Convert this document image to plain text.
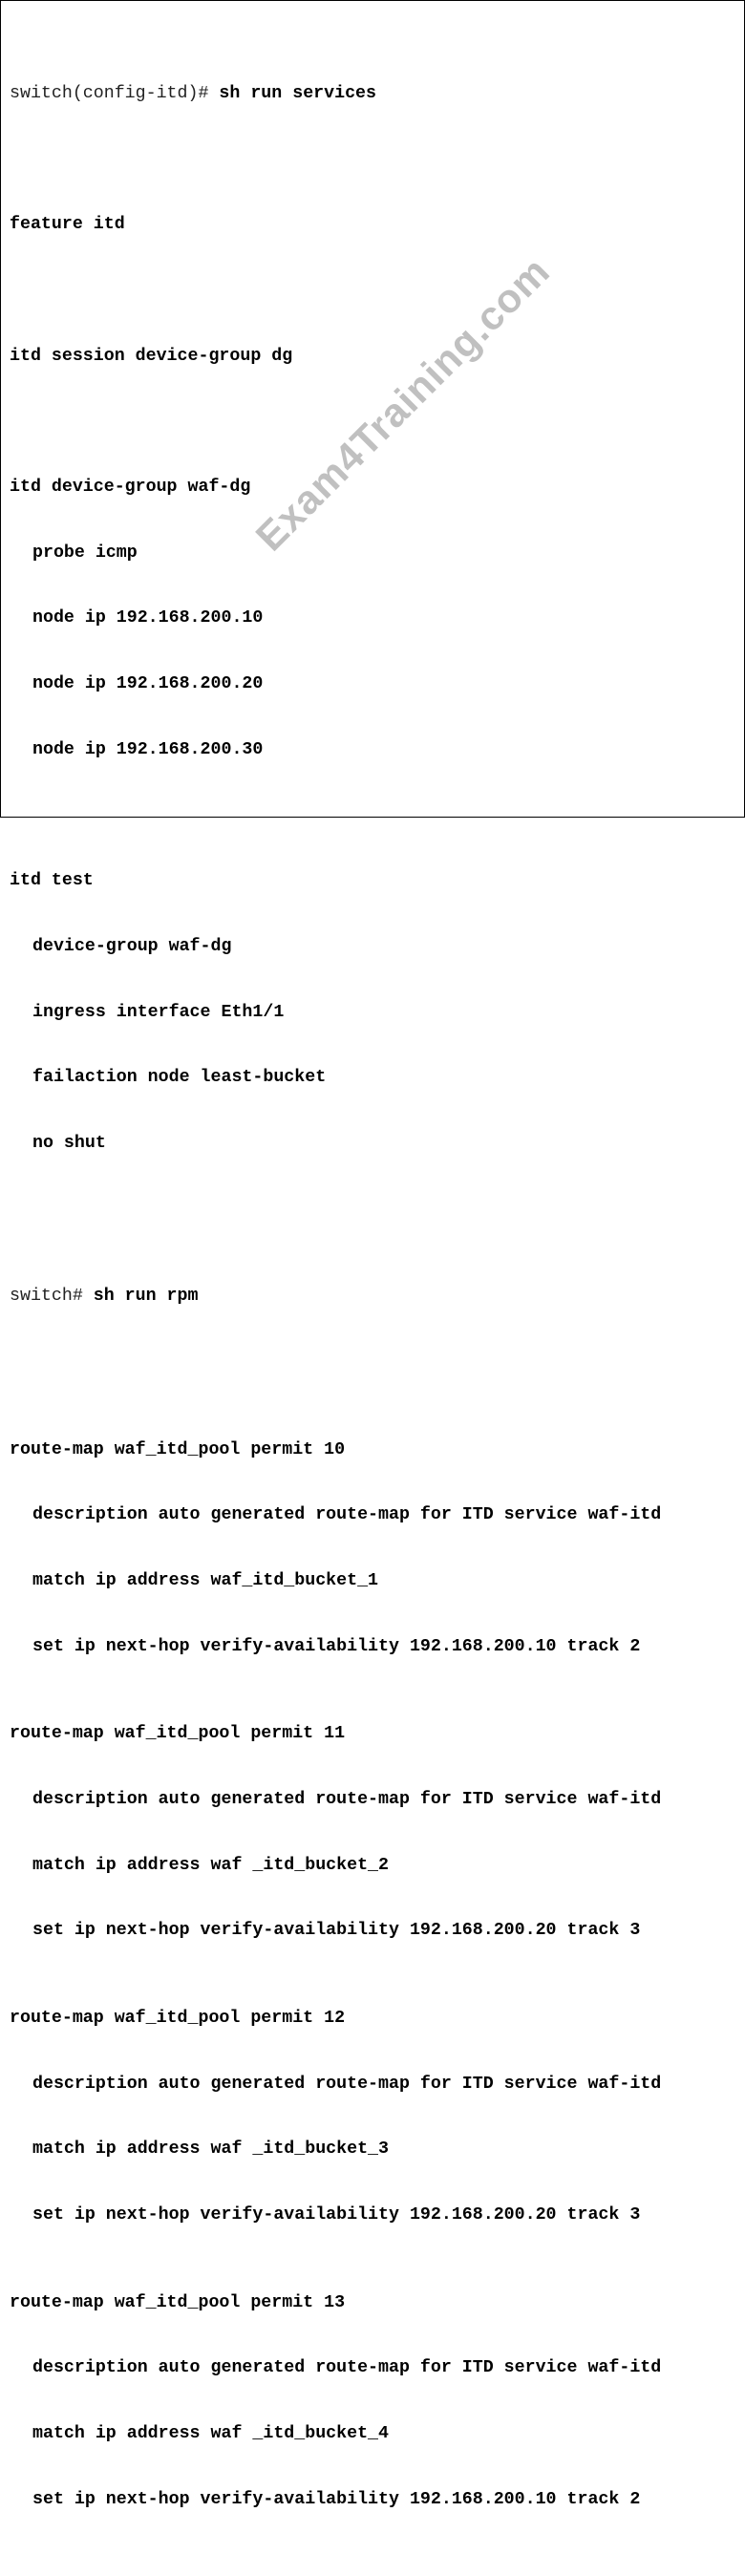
switch(config-itd)# sh run services

feature itd

itd session device-group dg

itd device-group waf-dg

probe icmp

node ip 192.168.200.10

node ip 192.168.200.20

node ip 192.168.200.30

itd test

device-group waf-dg

ingress interface Eth1/1

failaction node least-bucket

no shut

switch# sh run rpm

route-map waf_itd_pool permit 10

description auto generated route-map for ITD service waf-itd

match ip address waf_itd_bucket_1

set ip next-hop verify-availability 192.168.200.10 track 2

route-map waf_itd_pool permit 11

description auto generated route-map for ITD service waf-itd

match ip address waf _itd_bucket_2

set ip next-hop verify-availability 192.168.200.20 track 3

route-map waf_itd_pool permit 12

description auto generated route-map for ITD service waf-itd

match ip address waf _itd_bucket_3

set ip next-hop verify-availability 192.168.200.20 track 3

route-map waf_itd_pool permit 13

description auto generated route-map for ITD service waf-itd

match ip address waf _itd_bucket_4

set ip next-hop verify-availability 192.168.200.10 track 2

Exam4Training.com
